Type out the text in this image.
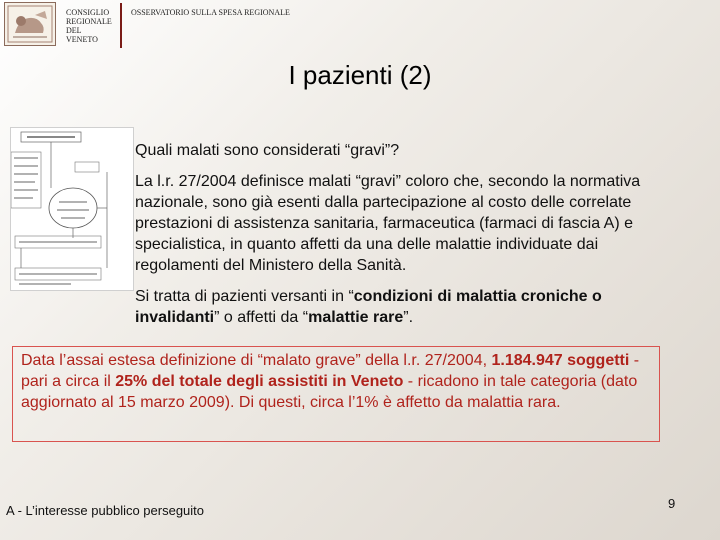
CONSIGLIO
REGIONALE
DEL
VENETO
OSSERVATORIO SULLA SPESA REGIONALE
I pazienti (2)

Quali malati sono considerati “gravi”?

La l.r. 27/2004 definisce malati “gravi” coloro che, secondo la normativa nazionale, sono già esenti dalla partecipazione al costo delle correlate prestazioni di assistenza sanitaria, farmaceutica (farmaci di fascia A) e specialistica, in quanto affetti da una delle malattie individuate dai regolamenti del Ministero della Sanità.

Si tratta di pazienti versanti in “condizioni di malattia croniche o invalidanti” o affetti da “malattie rare”.

Data l’assai estesa definizione di “malato grave” della l.r. 27/2004, 1.184.947 soggetti - pari a circa il 25% del totale degli assistiti in Veneto - ricadono in tale categoria (dato aggiornato al 15 marzo 2009). Di questi, circa l’1% è affetto da malattia rara.
A - L’interesse pubblico perseguito	9
